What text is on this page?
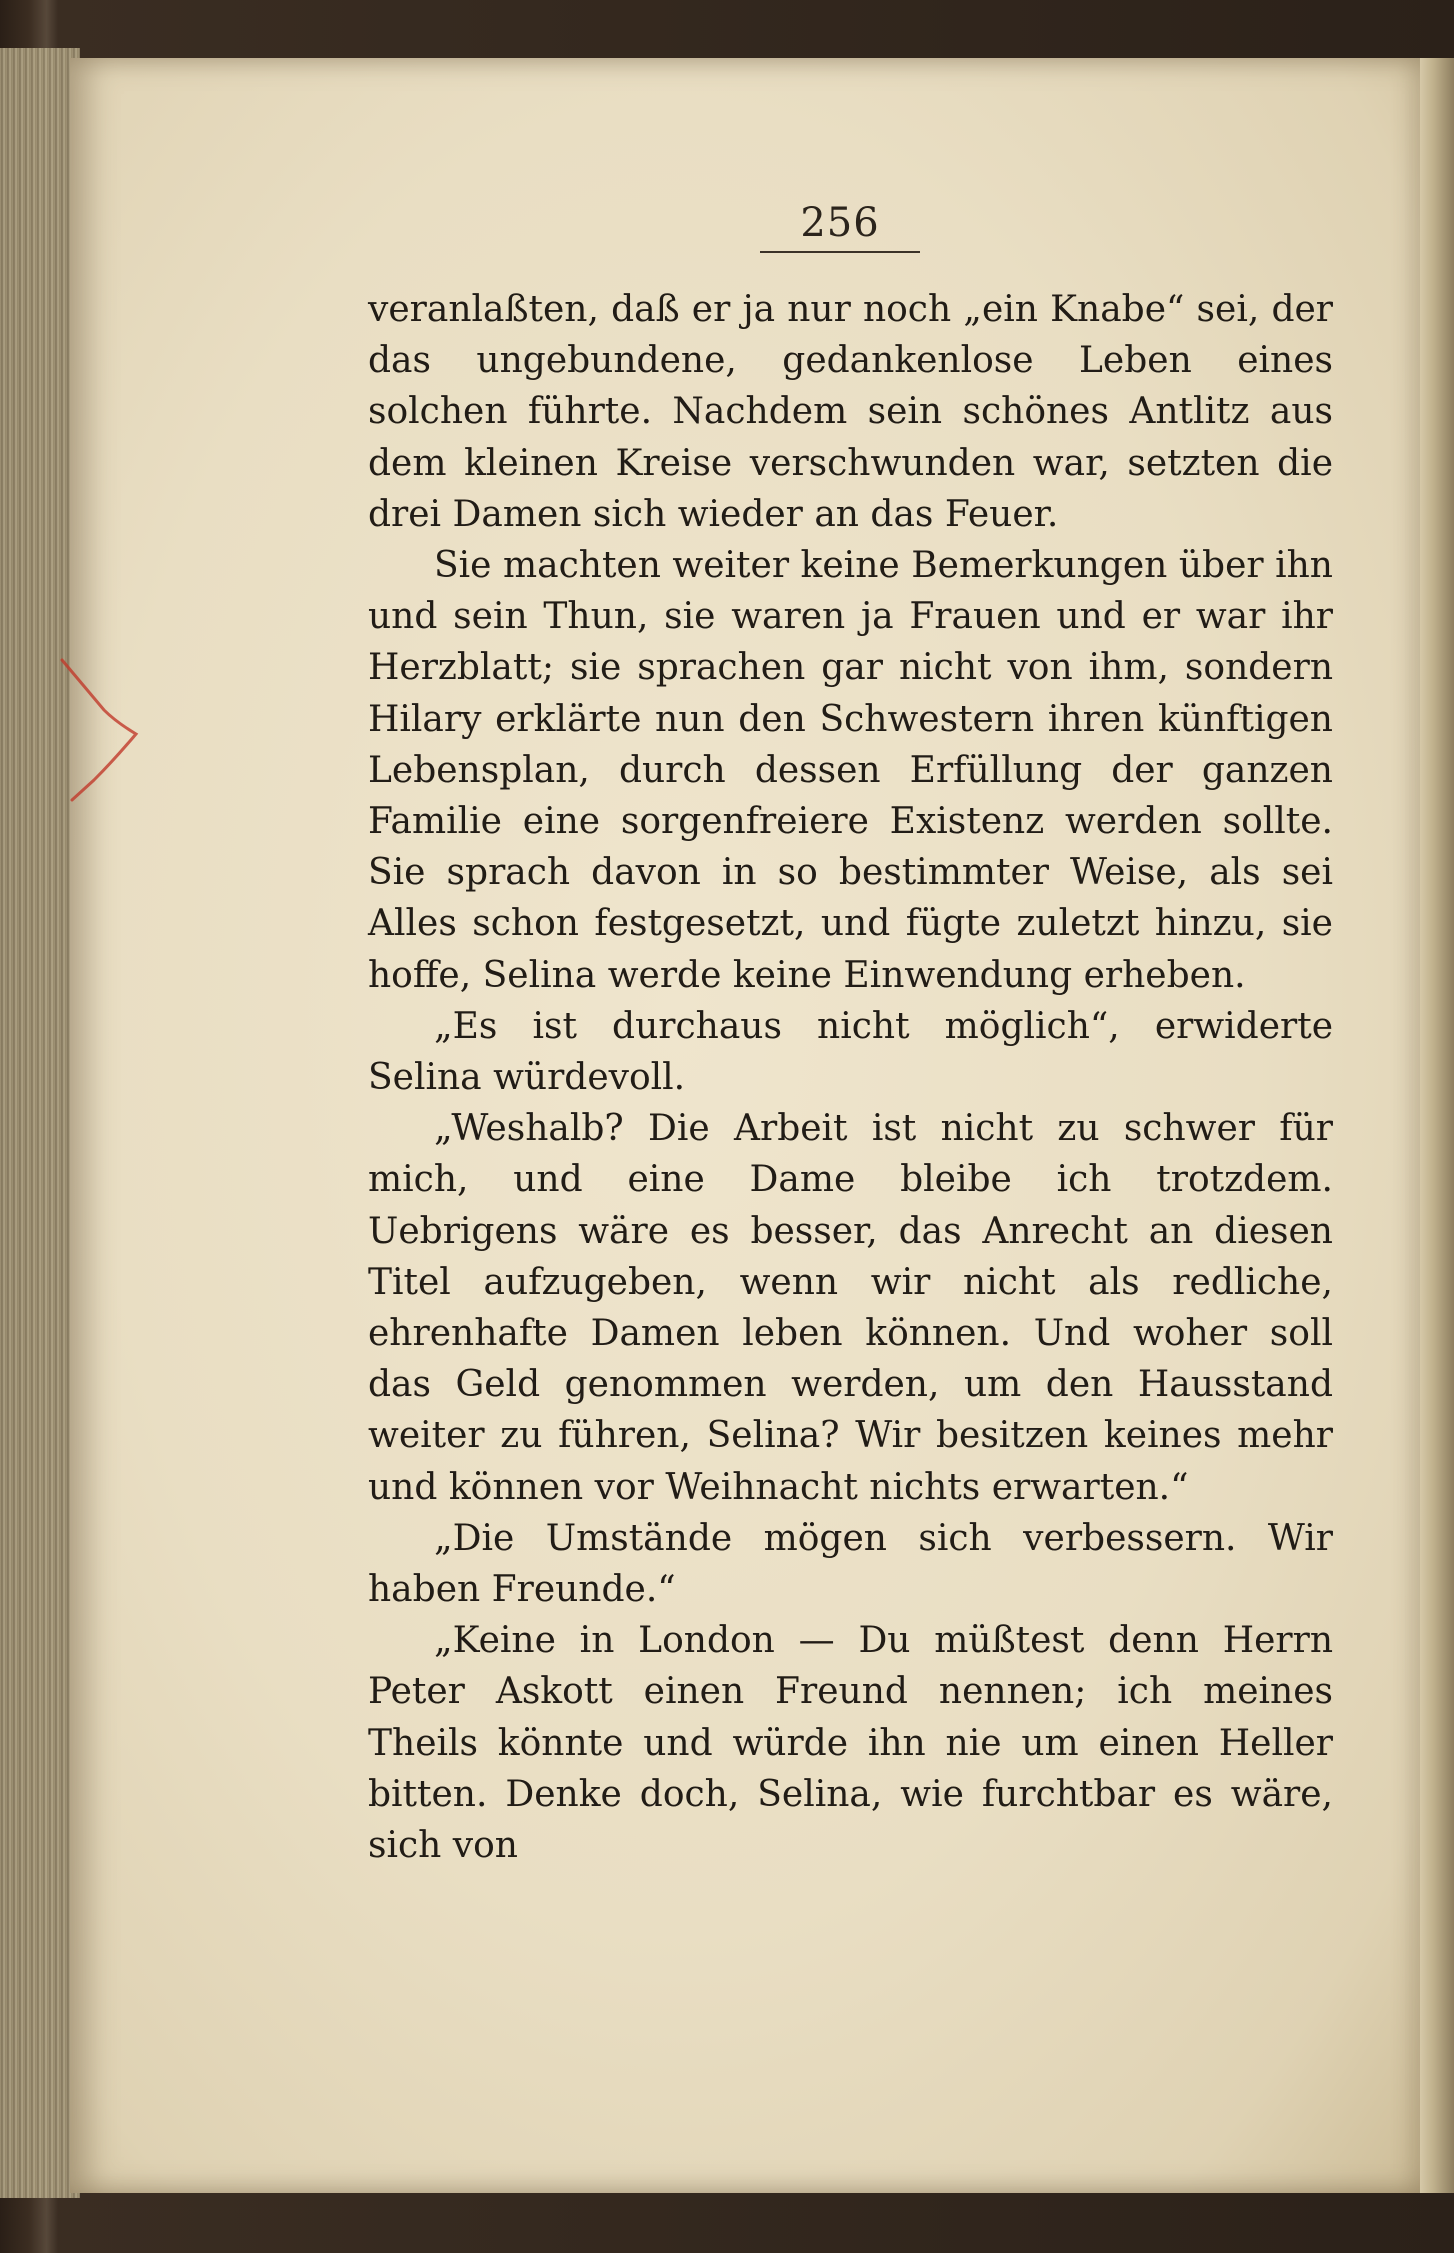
256

veranlaßten, daß er ja nur noch „ein Knabe“ sei, der das ungebundene, gedankenlose Leben eines solchen führte. Nachdem sein schönes Antlitz aus dem kleinen Kreise verschwunden war, setzten die drei Damen sich wieder an das Feuer.

Sie machten weiter keine Bemerkungen über ihn und sein Thun, sie waren ja Frauen und er war ihr Herzblatt; sie sprachen gar nicht von ihm, sondern Hilary erklärte nun den Schwestern ihren künftigen Lebensplan, durch dessen Erfüllung der ganzen Familie eine sorgenfreiere Existenz werden sollte. Sie sprach davon in so bestimmter Weise, als sei Alles schon festgesetzt, und fügte zuletzt hinzu, sie hoffe, Selina werde keine Einwendung erheben.

„Es ist durchaus nicht möglich“, erwiderte Selina würdevoll.

„Weshalb? Die Arbeit ist nicht zu schwer für mich, und eine Dame bleibe ich trotzdem. Uebrigens wäre es besser, das Anrecht an diesen Titel aufzugeben, wenn wir nicht als redliche, ehrenhafte Damen leben können. Und woher soll das Geld genommen werden, um den Hausstand weiter zu führen, Selina? Wir besitzen keines mehr und können vor Weihnacht nichts erwarten.“

„Die Umstände mögen sich verbessern. Wir haben Freunde.“

„Keine in London — Du müßtest denn Herrn Peter Askott einen Freund nennen; ich meines Theils könnte und würde ihn nie um einen Heller bitten. Denke doch, Selina, wie furchtbar es wäre, sich von
